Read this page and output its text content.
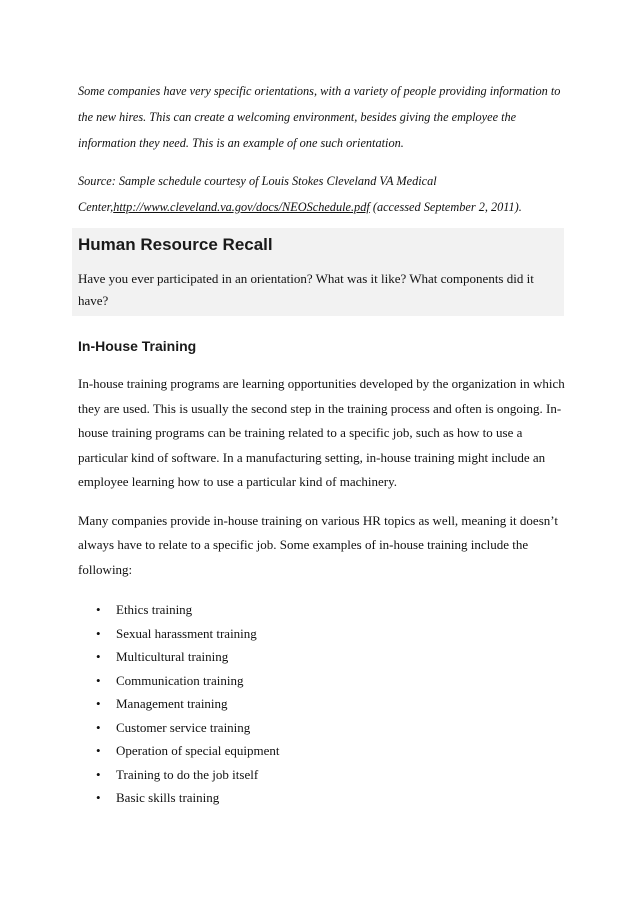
Some companies have very specific orientations, with a variety of people providing information to the new hires. This can create a welcoming environment, besides giving the employee the information they need. This is an example of one such orientation.

Source: Sample schedule courtesy of Louis Stokes Cleveland VA Medical Center,http://www.cleveland.va.gov/docs/NEOSchedule.pdf (accessed September 2, 2011).

Human Resource Recall

Have you ever participated in an orientation? What was it like? What components did it have?

In-House Training

In-house training programs are learning opportunities developed by the organization in which they are used. This is usually the second step in the training process and often is ongoing. In-house training programs can be training related to a specific job, such as how to use a particular kind of software. In a manufacturing setting, in-house training might include an employee learning how to use a particular kind of machinery.

Many companies provide in-house training on various HR topics as well, meaning it doesn’t always have to relate to a specific job. Some examples of in-house training include the following:

• Ethics training
• Sexual harassment training
• Multicultural training
• Communication training
• Management training
• Customer service training
• Operation of special equipment
• Training to do the job itself
• Basic skills training
